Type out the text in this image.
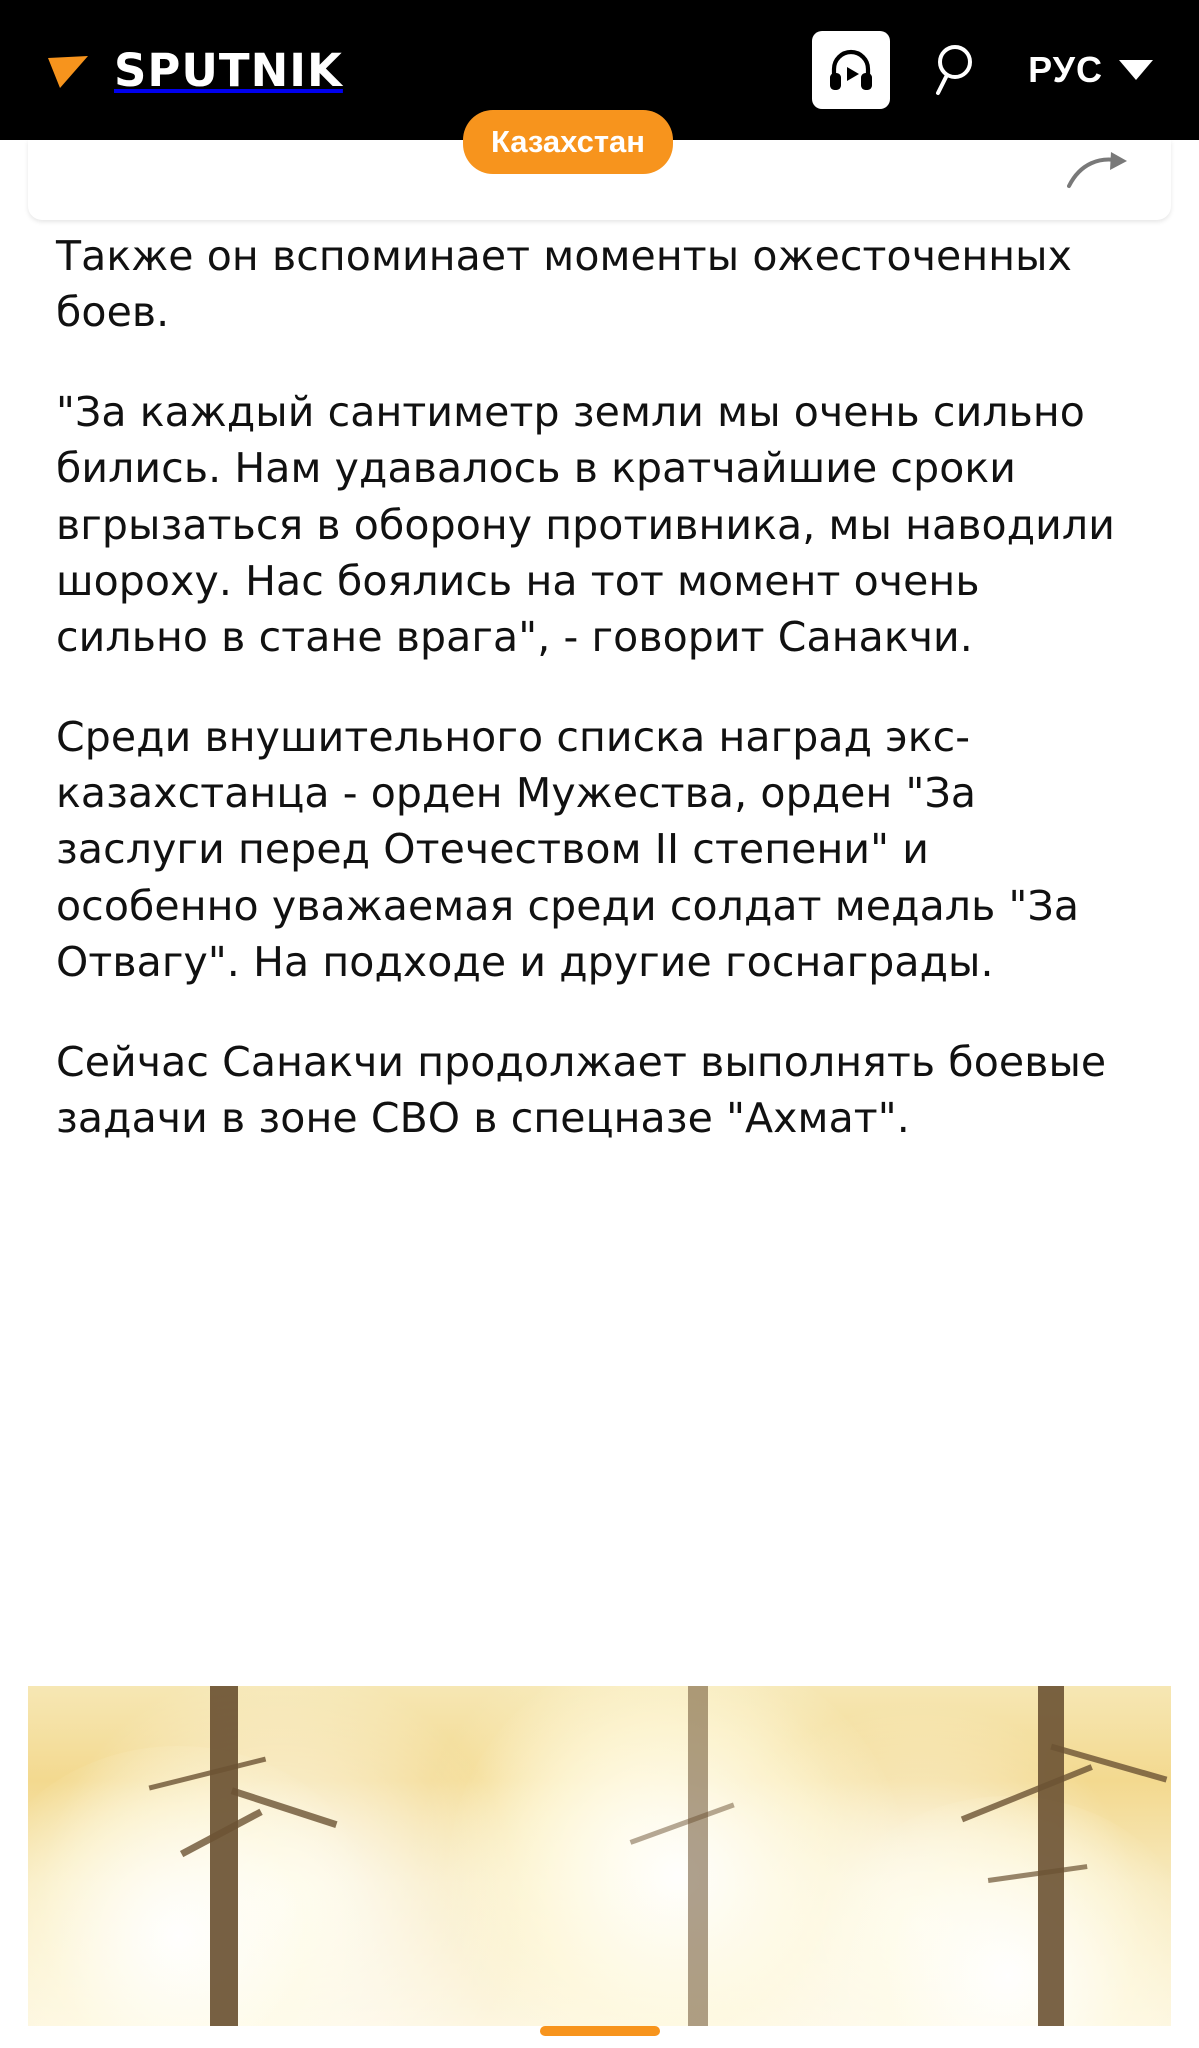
SPUTNIK	РУС
Казахстан

Также он вспоминает моменты ожесточенных боев.

"За каждый сантиметр земли мы очень сильно бились. Нам удавалось в кратчайшие сроки вгрызаться в оборону противника, мы наводили шороху. Нас боялись на тот момент очень сильно в стане врага", - говорит Санакчи.

Среди внушительного списка наград экс-казахстанца - орден Мужества, орден "За заслуги перед Отечеством II степени" и особенно уважаемая среди солдат медаль "За Отвагу". На подходе и другие госнаграды.

Сейчас Санакчи продолжает выполнять боевые задачи в зоне СВО в спецназе "Ахмат".
